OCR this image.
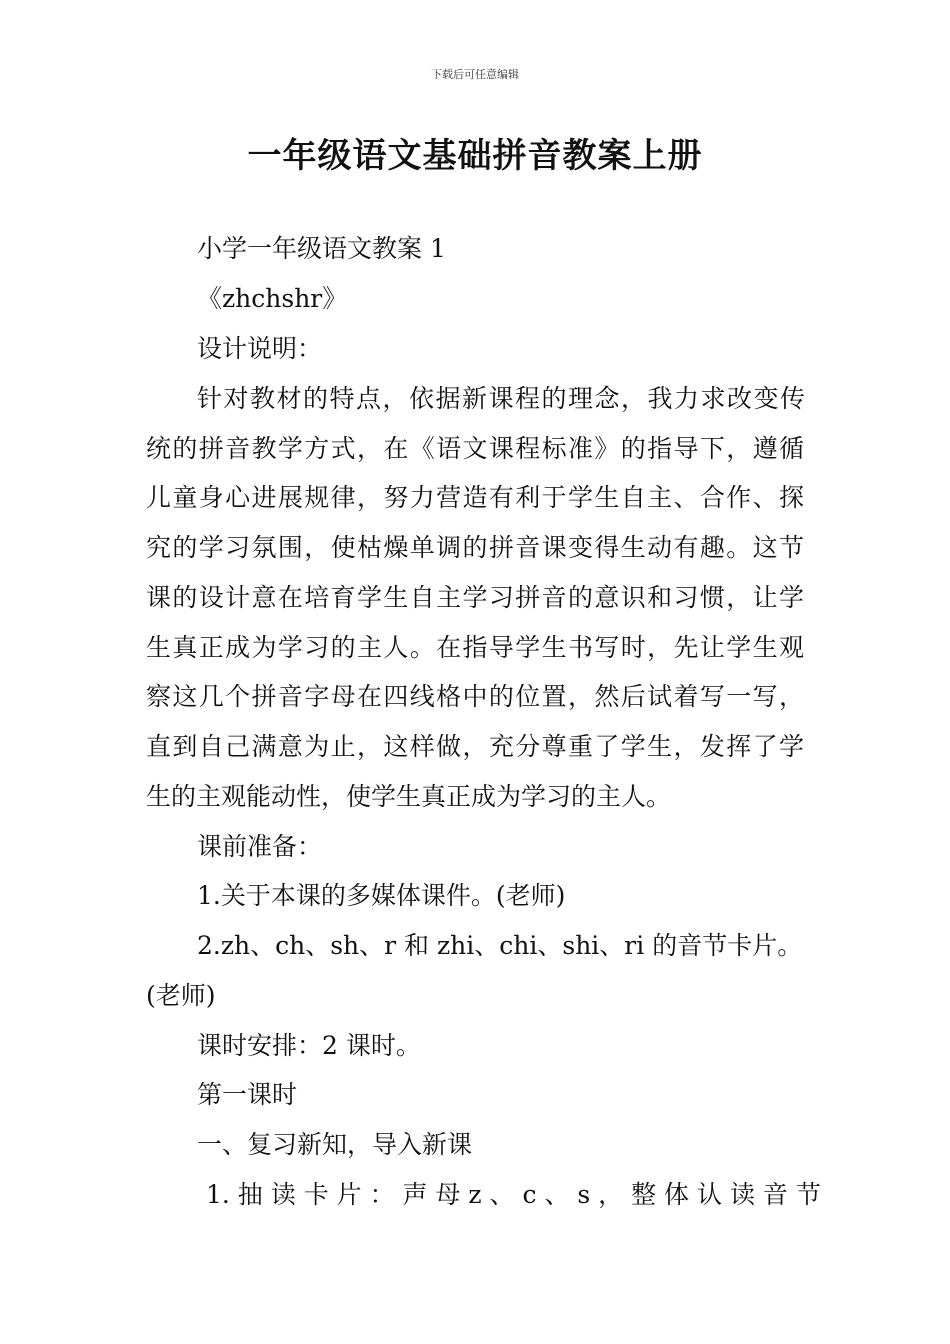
下载后可任意编辑
一年级语文基础拼音教案上册
小学一年级语文教案 1
《zhchshr》
设计说明：
针对教材的特点，依据新课程的理念，我力求改变传
统的拼音教学方式，在《语文课程标准》的指导下，遵循
儿童身心进展规律，努力营造有利于学生自主、合作、探
究的学习氛围，使枯燥单调的拼音课变得生动有趣。这节
课的设计意在培育学生自主学习拼音的意识和习惯，让学
生真正成为学习的主人。在指导学生书写时，先让学生观
察这几个拼音字母在四线格中的位置，然后试着写一写，
直到自己满意为止，这样做，充分尊重了学生，发挥了学
生的主观能动性，使学生真正成为学习的主人。
课前准备：
1.关于本课的多媒体课件。(老师)
2.zh、ch、sh、r 和 zhi、chi、shi、ri 的音节卡片。
(老师)
课时安排：2 课时。
第一课时
一、复习新知，导入新课
1. 抽 读 卡 片 ： 声 母 z 、 c 、 s ， 整 体 认 读 音 节
